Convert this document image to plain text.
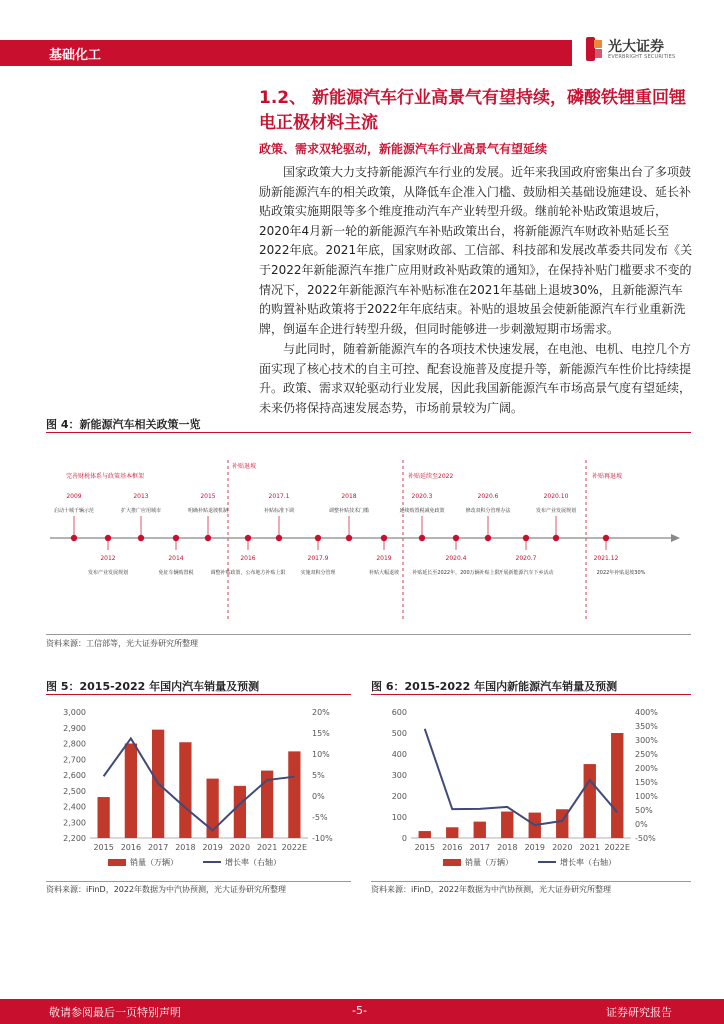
基础化工
光大证券
EVERBRIGHT SECURITIES
1.2、 新能源汽车行业高景气有望持续，磷酸铁锂重回锂电正极材料主流
政策、需求双轮驱动，新能源汽车行业高景气有望延续
国家政策大力支持新能源汽车行业的发展。近年来我国政府密集出台了多项鼓励新能源汽车的相关政策，从降低车企准入门槛、鼓励相关基础设施建设、延长补贴政策实施期限等多个维度推动汽车产业转型升级。继前轮补贴政策退坡后，2020年4月新一轮的新能源汽车补贴政策出台，将新能源汽车财政补贴延长至2022年底。2021年底，国家财政部、工信部、科技部和发展改革委共同发布《关于2022年新能源汽车推广应用财政补贴政策的通知》，在保持补贴门槛要求不变的情况下，2022年新能源汽车补贴标准在2021年基础上退坡30%，且新能源汽车的购置补贴政策将于2022年年底结束。补贴的退坡虽会使新能源汽车行业重新洗牌，倒逼车企进行转型升级，但同时能够进一步刺激短期市场需求。
与此同时，随着新能源汽车的各项技术快速发展，在电池、电机、电控几个方面实现了核心技术的自主可控、配套设施普及度提升等，新能源汽车性价比持续提升。政策、需求双轮驱动行业发展，因此我国新能源汽车市场高景气度有望延续，未来仍将保持高速发展态势，市场前景较为广阔。
图 4：新能源汽车相关政策一览
完善财税体系与政策基本框架
补贴退坡
补贴延续至2022	补贴再退坡
2009
启动十城千辆示范
2013
扩大推广应用城市
2015
明确补贴退坡机制
2017.1
补贴标准下调
2018
调整补贴技术门槛
2020.3
延续购置税减免政策
2020.6
修改双积分管理办法
2020.10
发布产业发展规划
2012
发布产业发展规划
2014
免征车辆购置税
2016
调整补贴政策，公布地方补贴上限
2017.9
实施双积分管理
2019
补贴大幅退坡
2020.4
补贴延长至2022年，200万辆补贴上限
2020.7
开展新能源汽车下乡活动
2021.12
2022年补贴退坡30%
资料来源：工信部等，光大证券研究所整理
图 5：2015-2022 年国内汽车销量及预测
2,200
2,300
2,400
2,500
2,600
2,700
2,800
2,900
3,000
-10%
-5%
0%
5%
10%
15%
20%
2015 2016 2017 2018 2019 2020 2021 2022E
销量（万辆）	增长率（右轴）
资料来源：iFinD，2022年数据为中汽协预测，光大证券研究所整理
图 6：2015-2022 年国内新能源汽车销量及预测
0
100
200
300
400
500
600
-50%
0%
50%
100%
150%
200%
250%
300%
350%
400%
2015 2016 2017 2018 2019 2020 2021 2022E
销量（万辆）	增长率（右轴）
资料来源：iFinD，2022年数据为中汽协预测，光大证券研究所整理
敬请参阅最后一页特别声明	-5-	证券研究报告
